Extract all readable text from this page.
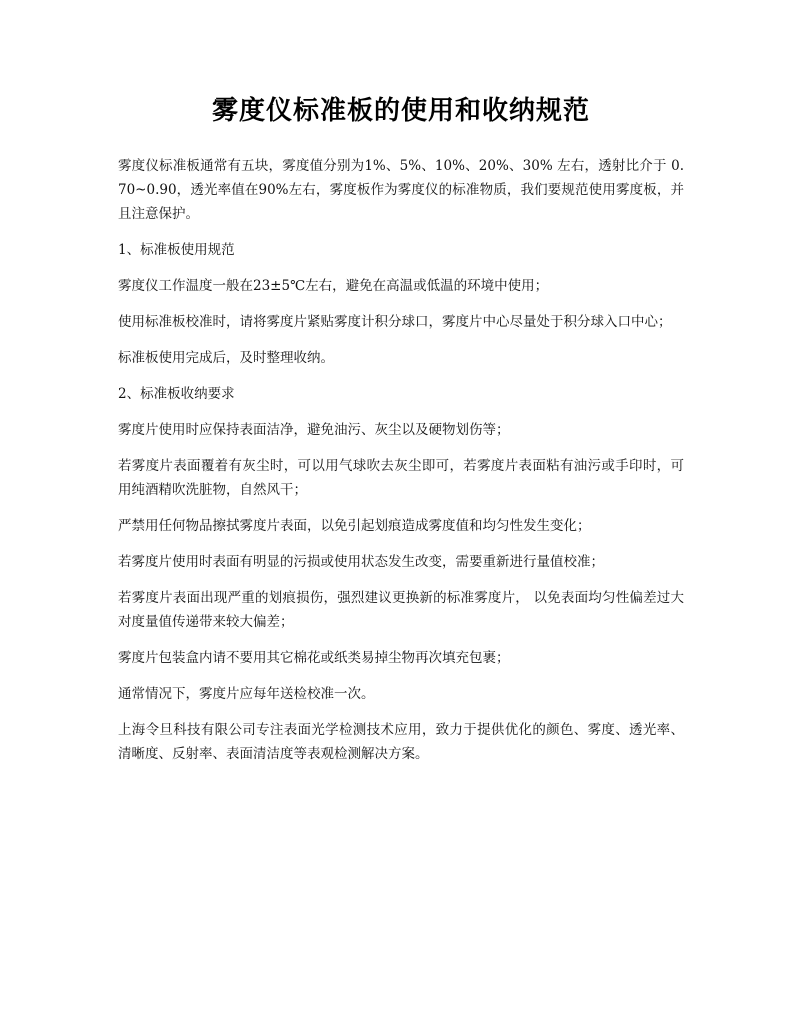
雾度仪标准板的使用和收纳规范

雾度仪标准板通常有五块，雾度值分别为1%、5%、10%、20%、30% 左右，透射比介于 0.70~0.90，透光率值在90%左右，雾度板作为雾度仪的标准物质，我们要规范使用雾度板，并且注意保护。

1、标准板使用规范

雾度仪工作温度一般在23±5℃左右，避免在高温或低温的环境中使用；

使用标准板校准时，请将雾度片紧贴雾度计积分球口，雾度片中心尽量处于积分球入口中心；

标准板使用完成后，及时整理收纳。

2、标准板收纳要求

雾度片使用时应保持表面洁净，避免油污、灰尘以及硬物划伤等；

若雾度片表面覆着有灰尘时，可以用气球吹去灰尘即可，若雾度片表面粘有油污或手印时，可用纯酒精吹洗脏物，自然风干；

严禁用任何物品擦拭雾度片表面，以免引起划痕造成雾度值和均匀性发生变化；

若雾度片使用时表面有明显的污损或使用状态发生改变，需要重新进行量值校准；

若雾度片表面出现严重的划痕损伤，强烈建议更换新的标准雾度片， 以免表面均匀性偏差过大对度量值传递带来较大偏差；

雾度片包装盒内请不要用其它棉花或纸类易掉尘物再次填充包裹；

通常情况下，雾度片应每年送检校准一次。

上海令旦科技有限公司专注表面光学检测技术应用，致力于提供优化的颜色、雾度、透光率、清晰度、反射率、表面清洁度等表观检测解决方案。
